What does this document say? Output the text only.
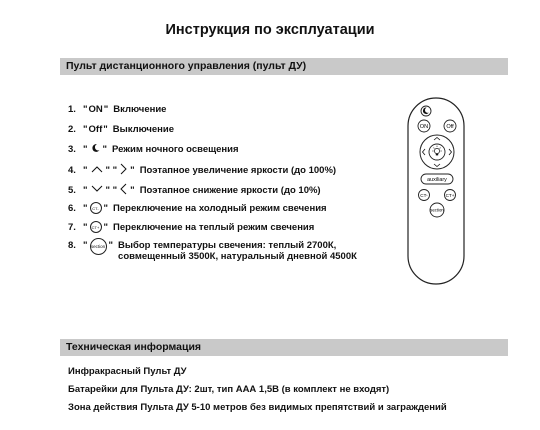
Инструкция по эксплуатации
Пульт дистанционного управления (пульт ДУ)
1. " ON " Включение
2. " Off " Выключение
3. " " Режим ночного освещения
4. " " " " Поэтапное увеличение яркости (до 100%)
5. " " " " Поэтапное снижение яркости (до 10%)
6. "	CT- " Переключение на холодный режим свечения
7. "	CT+ " Переключение на теплый режим свечения
8. " section " Выбор температуры свечения: теплый 2700К,
совмещенный 3500К, натуральный дневной 4500К
ON	Off
auxiliary
CT-	CT+
section
Техническая информация
Инфракрасный Пульт ДУ
Батарейки для Пульта ДУ: 2шт, тип ААА 1,5В (в комплект не входят)
Зона действия Пульта ДУ 5-10 метров без видимых препятствий и заграждений
